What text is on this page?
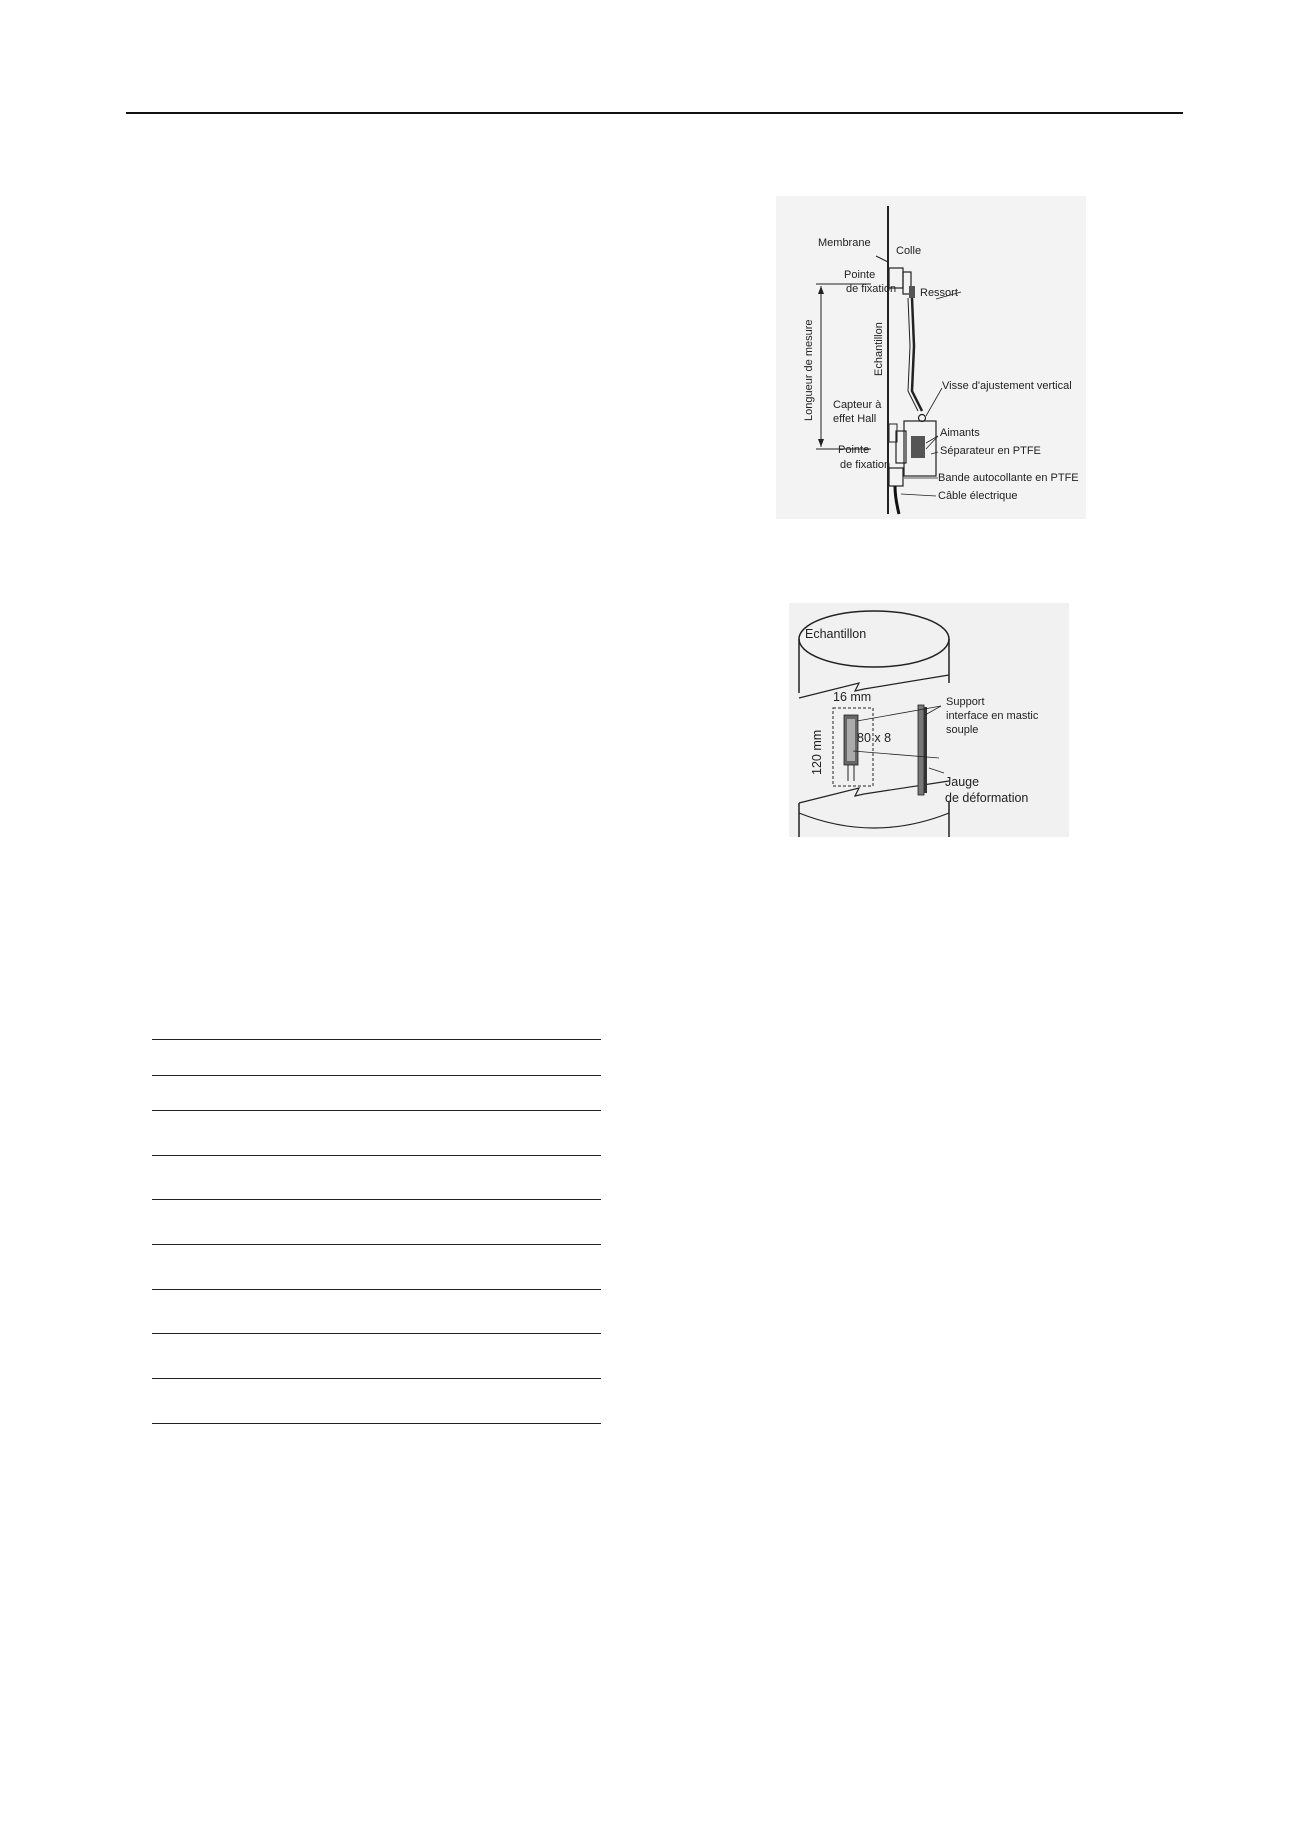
Membrane
Colle
Pointe
de fixation Ressort
Longueur de mesure	Echantillon
Visse d'ajustement vertical
Capteur à
effet Hall
Aimants
Séparateur en PTFE
Pointe
de fixation
Bande autocollante en PTFE
Câble électrique
Echantillon
16 mm
120 mm	80 x 8
Support
interface en mastic
souple
Jauge
de déformation
